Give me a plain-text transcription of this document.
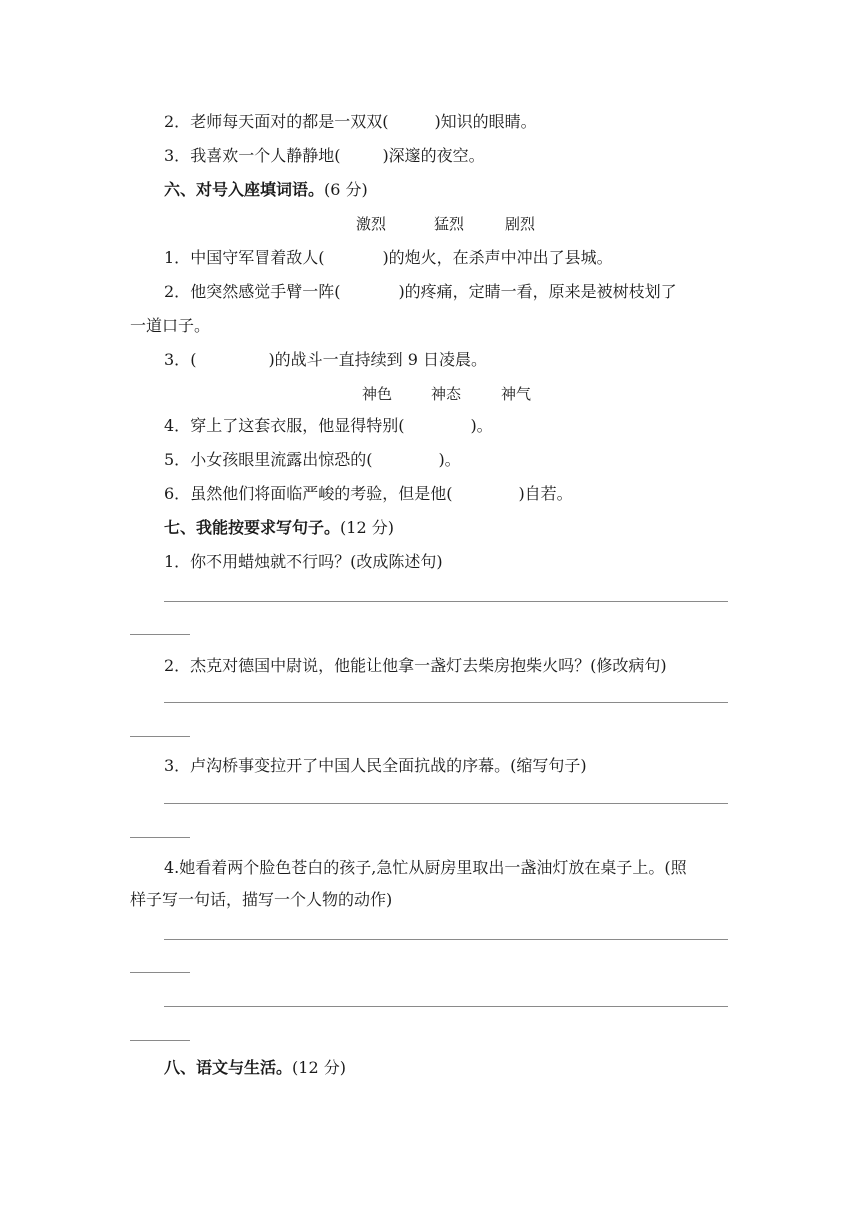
2．老师每天面对的都是一双双(	)知识的眼睛。
3．我喜欢一个人静静地(	)深邃的夜空。
六、对号入座填词语。(6 分)
激烈	猛烈	剧烈
1．中国守军冒着敌人(	)的炮火，在杀声中冲出了县城。
2．他突然感觉手臂一阵(	)的疼痛，定睛一看，原来是被树枝划了
一道口子。
3．(	)的战斗一直持续到 9 日凌晨。
神色	神态	神气
4．穿上了这套衣服，他显得特别(	)。
5．小女孩眼里流露出惊恐的(	)。
6．虽然他们将面临严峻的考验，但是他(	)自若。
七、我能按要求写句子。(12 分)
1．你不用蜡烛就不行吗？(改成陈述句)
2．杰克对德国中尉说，他能让他拿一盏灯去柴房抱柴火吗？(修改病句)
3．卢沟桥事变拉开了中国人民全面抗战的序幕。(缩写句子)
4.她看着两个脸色苍白的孩子,急忙从厨房里取出一盏油灯放在桌子上。(照
样子写一句话，描写一个人物的动作)
八、语文与生活。(12 分)
